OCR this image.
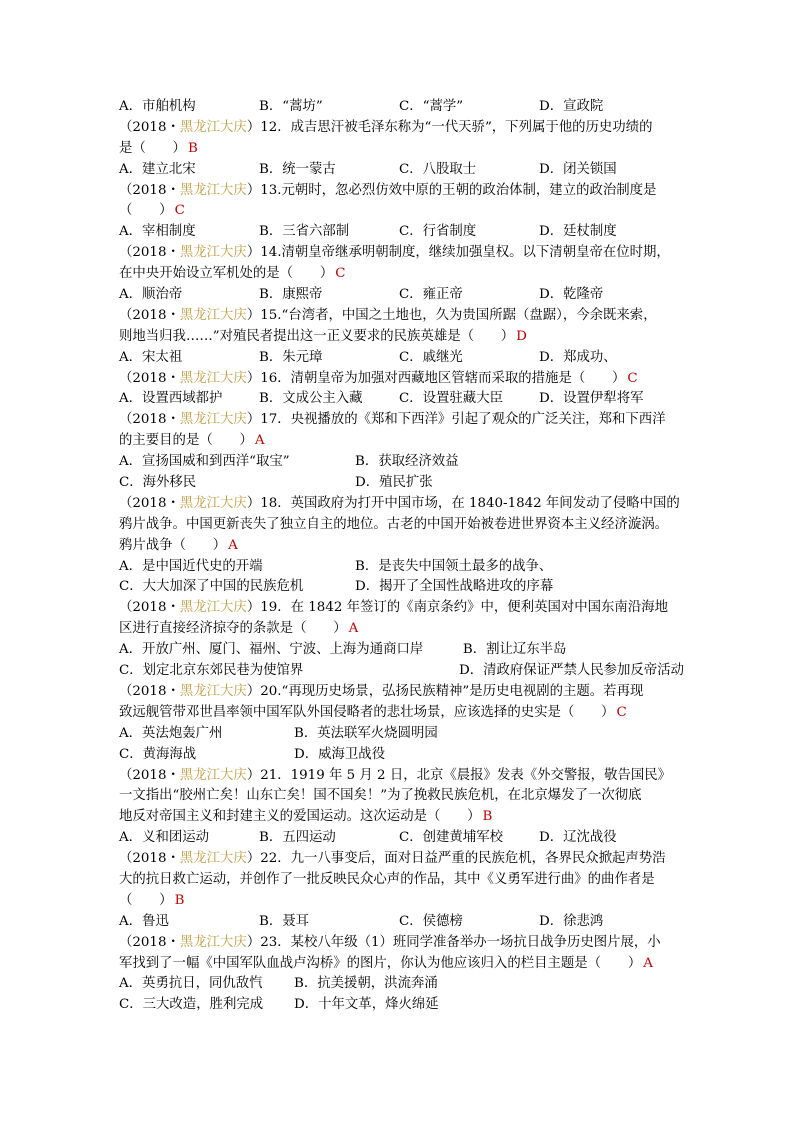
A．市舶机构	B．“蒿坊”	C．“蒿学”	D．宣政院
（2018・黑龙江大庆）12．成吉思汗被毛泽东称为“一代天骄”，下列属于他的历史功绩的
是（　　） B
A．建立北宋	B．统一蒙古	C．八股取士	D．闭关锁国
（2018・黑龙江大庆）13.元朝时，忽必烈仿效中原的王朝的政治体制，建立的政治制度是
（　　） C
A．宰相制度	B．三省六部制	C．行省制度	D．廷杖制度
（2018・黑龙江大庆）14.清朝皇帝继承明朝制度，继续加强皇权。以下清朝皇帝在位时期，
在中央开始设立军机处的是（　　） C
A．顺治帝	B．康熙帝	C．雍正帝	D．乾隆帝
（2018・黑龙江大庆）15.“台湾者，中国之土地也，久为贵国所踞（盘踞），今余既来索，
则地当归我……”对殖民者提出这一正义要求的民族英雄是（　　） D
A．宋太祖	B．朱元璋	C．戚继光	D．郑成功、
（2018・黑龙江大庆）16．清朝皇帝为加强对西藏地区管辖而采取的措施是（　　） C
A．设置西域都护	B．文成公主入藏	C．设置驻藏大臣	D．设置伊犁将军
（2018・黑龙江大庆）17．央视播放的《郑和下西洋》引起了观众的广泛关注，郑和下西洋
的主要目的是（　　） A
A．宣扬国威和到西洋“取宝”	B．获取经济效益
C．海外移民	D．殖民扩张
（2018・黑龙江大庆）18．英国政府为打开中国市场，在 1840-1842 年间发动了侵略中国的
鸦片战争。中国更新丧失了独立自主的地位。古老的中国开始被卷进世界资本主义经济漩涡。
鸦片战争（　　） A
A．是中国近代史的开端	B．是丧失中国领土最多的战争、
C．大大加深了中国的民族危机	D．揭开了全国性战略进攻的序幕
（2018・黑龙江大庆）19．在 1842 年签订的《南京条约》中，便利英国对中国东南沿海地
区进行直接经济掠夺的条款是（　　） A
A．开放广州、厦门、福州、宁波、上海为通商口岸	B．割让辽东半岛
C．划定北京东郊民巷为使馆界	D．清政府保证严禁人民参加反帝活动
（2018・黑龙江大庆）20.“再现历史场景，弘扬民族精神”是历史电视剧的主题。若再现
致远舰管带邓世昌率领中国军队外国侵略者的悲壮场景，应该选择的史实是（　　） C
A．英法炮轰广州	B．英法联军火烧圆明园
C．黄海海战	D．威海卫战役
（2018・黑龙江大庆）21．1919 年 5 月 2 日，北京《晨报》发表《外交警报，敬告国民》
一文指出“胶州亡矣！山东亡矣！国不国矣！”为了挽救民族危机，在北京爆发了一次彻底
地反对帝国主义和封建主义的爱国运动。这次运动是（　　） B
A．义和团运动	B．五四运动	C．创建黄埔军校	D．辽沈战役
（2018・黑龙江大庆）22．九一八事变后，面对日益严重的民族危机，各界民众掀起声势浩
大的抗日救亡运动，并创作了一批反映民众心声的作品，其中《义勇军进行曲》的曲作者是
（　　） B
A．鲁迅	B．聂耳	C．侯德榜	D．徐悲鸿
（2018・黑龙江大庆）23．某校八年级（1）班同学准备举办一场抗日战争历史图片展，小
军找到了一幅《中国军队血战卢沟桥》的图片，你认为他应该归入的栏目主题是（　　） A
A．英勇抗日，同仇敌忾	B．抗美援朝，洪流奔涌
C．三大改造，胜利完成	D．十年文革，烽火绵延
